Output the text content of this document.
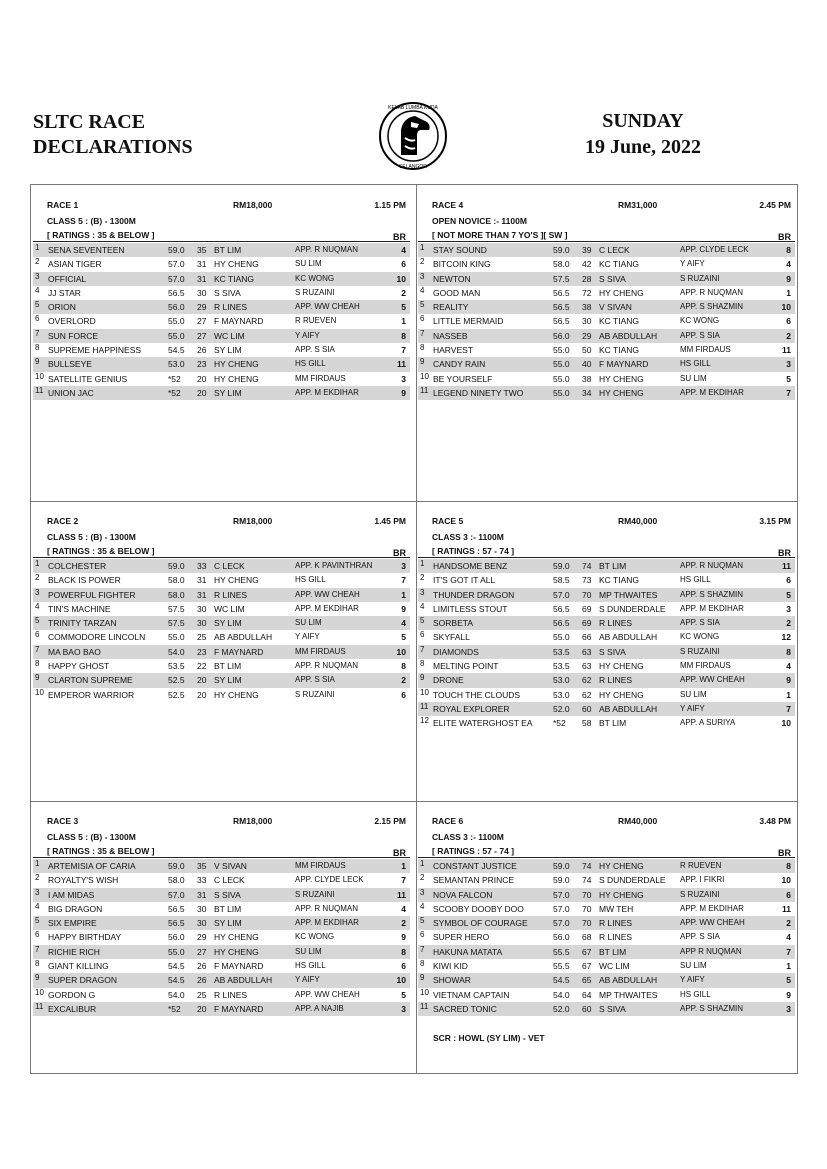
SLTC RACE
DECLARATIONS
KELAB LUMBA KUDA
SELANGOR
SUNDAY
19 June, 2022
RACE 1	RM18,000	1.15 PM
CLASS 5 : (B) - 1300M
[ RATINGS : 35 & BELOW ]	BR
1 SENA SEVENTEEN	59.0 35 BT LIM	APP. R NUQMAN	4
2 ASIAN TIGER	57.0 31 HY CHENG	SU LIM	6
3 OFFICIAL	57.0 31 KC TIANG	KC WONG	10
4 JJ STAR	56.5 30 S SIVA	S RUZAINI	2
5 ORION	56.0 29 R LINES	APP. WW CHEAH	5
6 OVERLORD	55.0 27 F MAYNARD	R RUEVEN	1
7 SUN FORCE	55.0 27 WC LIM	Y AIFY	8
8 SUPREME HAPPINESS	54.5 26 SY LIM	APP. S SIA	7
9 BULLSEYE	53.0 23 HY CHENG	HS GILL	11
10 SATELLITE GENIUS	*52 20 HY CHENG	MM FIRDAUS	3
11 UNION JAC	*52 20 SY LIM	APP. M EKDIHAR	9
RACE 4	RM31,000	2.45 PM
OPEN NOVICE :- 1100M
[ NOT MORE THAN 7 YO'S ][ SW ]	BR
1 STAY SOUND	59.0 39 C LECK	APP. CLYDE LECK	8
2 BITCOIN KING	58.0 42 KC TIANG	Y AIFY	4
3 NEWTON	57.5 28 S SIVA	S RUZAINI	9
4 GOOD MAN	56.5 72 HY CHENG	APP. R NUQMAN	1
5 REALITY	56.5 38 V SIVAN	APP. S SHAZMIN	10
6 LITTLE MERMAID	56.5 30 KC TIANG	KC WONG	6
7 NASSEB	56.0 29 AB ABDULLAH	APP. S SIA	2
8 HARVEST	55.0 50 KC TIANG	MM FIRDAUS	11
9 CANDY RAIN	55.0 40 F MAYNARD	HS GILL	3
10 BE YOURSELF	55.0 38 HY CHENG	SU LIM	5
11 LEGEND NINETY TWO	55.0 34 HY CHENG	APP. M EKDIHAR	7
RACE 2	RM18,000	1.45 PM
CLASS 5 : (B) - 1300M
[ RATINGS : 35 & BELOW ]	BR
1 COLCHESTER	59.0 33 C LECK	APP. K PAVINTHRAN	3
2 BLACK IS POWER	58.0 31 HY CHENG	HS GILL	7
3 POWERFUL FIGHTER	58.0 31 R LINES	APP. WW CHEAH	1
4 TIN'S MACHINE	57.5 30 WC LIM	APP. M EKDIHAR	9
5 TRINITY TARZAN	57.5 30 SY LIM	SU LIM	4
6 COMMODORE LINCOLN	55.0 25 AB ABDULLAH	Y AIFY	5
7 MA BAO BAO	54.0 23 F MAYNARD	MM FIRDAUS	10
8 HAPPY GHOST	53.5 22 BT LIM	APP. R NUQMAN	8
9 CLARTON SUPREME	52.5 20 SY LIM	APP. S SIA	2
10 EMPEROR WARRIOR	52.5 20 HY CHENG	S RUZAINI	6
RACE 5	RM40,000	3.15 PM
CLASS 3 :- 1100M
[ RATINGS : 57 - 74 ]	BR
1 HANDSOME BENZ	59.0 74 BT LIM	APP. R NUQMAN	11
2 IT'S GOT IT ALL	58.5 73 KC TIANG	HS GILL	6
3 THUNDER DRAGON	57.0 70 MP THWAITES	APP. S SHAZMIN	5
4 LIMITLESS STOUT	56.5 69 S DUNDERDALE APP. M EKDIHAR	3
5 SORBETA	56.5 69 R LINES	APP. S SIA	2
6 SKYFALL	55.0 66 AB ABDULLAH	KC WONG	12
7 DIAMONDS	53.5 63 S SIVA	S RUZAINI	8
8 MELTING POINT	53.5 63 HY CHENG	MM FIRDAUS	4
9 DRONE	53.0 62 R LINES	APP. WW CHEAH	9
10 TOUCH THE CLOUDS	53.0 62 HY CHENG	SU LIM	1
11 ROYAL EXPLORER	52.0 60 AB ABDULLAH	Y AIFY	7
12 ELITE WATERGHOST EA *52 58 BT LIM	APP. A SURIYA	10
RACE 3	RM18,000	2.15 PM
CLASS 5 : (B) - 1300M
[ RATINGS : 35 & BELOW ]	BR
1 ARTEMISIA OF CARIA	59.0 35 V SIVAN	MM FIRDAUS	1
2 ROYALTY'S WISH	58.0 33 C LECK	APP. CLYDE LECK	7
3 I AM MIDAS	57.0 31 S SIVA	S RUZAINI	11
4 BIG DRAGON	56.5 30 BT LIM	APP. R NUQMAN	4
5 SIX EMPIRE	56.5 30 SY LIM	APP. M EKDIHAR	2
6 HAPPY BIRTHDAY	56.0 29 HY CHENG	KC WONG	9
7 RICHIE RICH	55.0 27 HY CHENG	SU LIM	8
8 GIANT KILLING	54.5 26 F MAYNARD	HS GILL	6
9 SUPER DRAGON	54.5 26 AB ABDULLAH	Y AIFY	10
10 GORDON G	54.0 25 R LINES	APP. WW CHEAH	5
11 EXCALIBUR	*52 20 F MAYNARD	APP. A NAJIB	3
RACE 6	RM40,000	3.48 PM
CLASS 3 :- 1100M
[ RATINGS : 57 - 74 ]	BR
1 CONSTANT JUSTICE	59.0 74 HY CHENG	R RUEVEN	8
2 SEMANTAN PRINCE	59.0 74 S DUNDERDALE APP. I FIKRI	10
3 NOVA FALCON	57.0 70 HY CHENG	S RUZAINI	6
4 SCOOBY DOOBY DOO	57.0 70 MW TEH	APP. M EKDIHAR	11
5 SYMBOL OF COURAGE	57.0 70 R LINES	APP. WW CHEAH	2
6 SUPER HERO	56.0 68 R LINES	APP. S SIA	4
7 HAKUNA MATATA	55.5 67 BT LIM	APP R NUQMAN	7
8 KIWI KID	55.5 67 WC LIM	SU LIM	1
9 SHOWAR	54.5 65 AB ABDULLAH	Y AIFY	5
10 VIETNAM CAPTAIN	54.0 64 MP THWAITES	HS GILL	9
11 SACRED TONIC	52.0 60 S SIVA	APP. S SHAZMIN	3
SCR : HOWL (SY LIM) - VET
